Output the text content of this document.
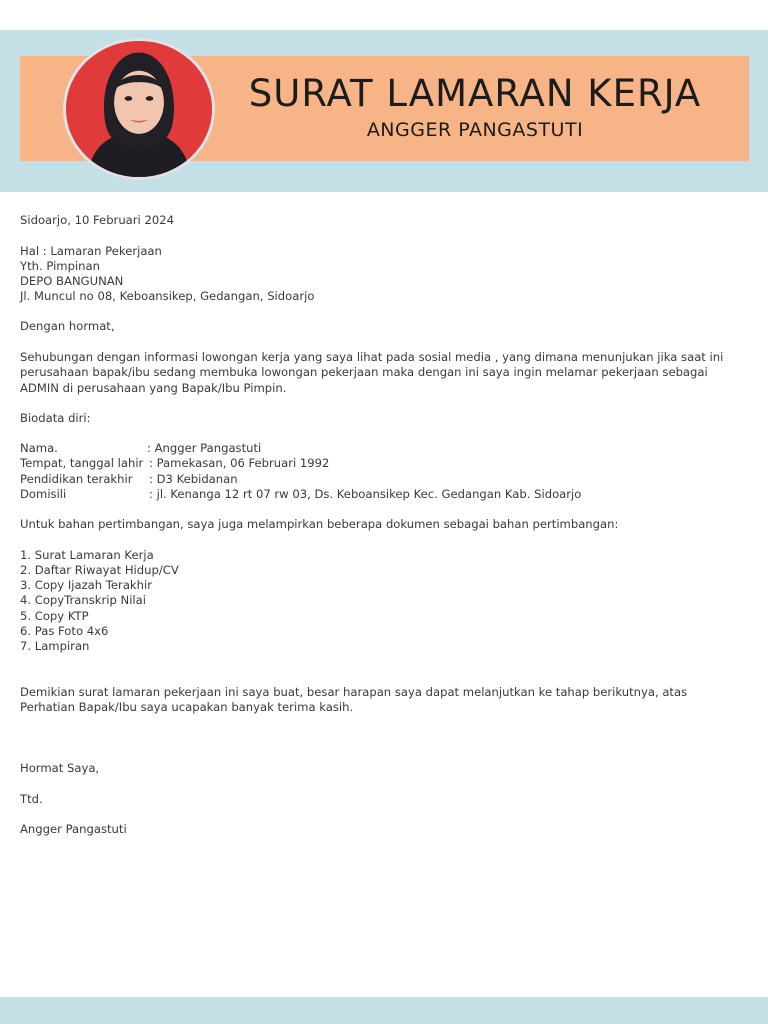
SURAT LAMARAN KERJA
ANGGER PANGASTUTI
Sidoarjo, 10 Februari 2024
Hal : Lamaran Pekerjaan
Yth. Pimpinan
DEPO BANGUNAN
Jl. Muncul no 08, Keboansikep, Gedangan, Sidoarjo
Dengan hormat,
Sehubungan dengan informasi lowongan kerja yang saya lihat pada sosial media , yang dimana menunjukan jika saat ini perusahaan bapak/ibu sedang membuka lowongan pekerjaan maka dengan ini saya ingin melamar pekerjaan sebagai ADMIN di perusahaan yang Bapak/Ibu Pimpin.
Biodata diri:
Nama.	: Angger Pangastuti
Tempat, tanggal lahir : Pamekasan, 06 Februari 1992
Pendidikan terakhir : D3 Kebidanan
Domisili	: jl. Kenanga 12 rt 07 rw 03, Ds. Keboansikep Kec. Gedangan Kab. Sidoarjo
Untuk bahan pertimbangan, saya juga melampirkan beberapa dokumen sebagai bahan pertimbangan:
1. Surat Lamaran Kerja
2. Daftar Riwayat Hidup/CV
3. Copy Ijazah Terakhir
4. CopyTranskrip Nilai
5. Copy KTP
6. Pas Foto 4x6
7. Lampiran
Demikian surat lamaran pekerjaan ini saya buat, besar harapan saya dapat melanjutkan ke tahap berikutnya, atas Perhatian Bapak/Ibu saya ucapakan banyak terima kasih.
Hormat Saya,
Ttd.
Angger Pangastuti
